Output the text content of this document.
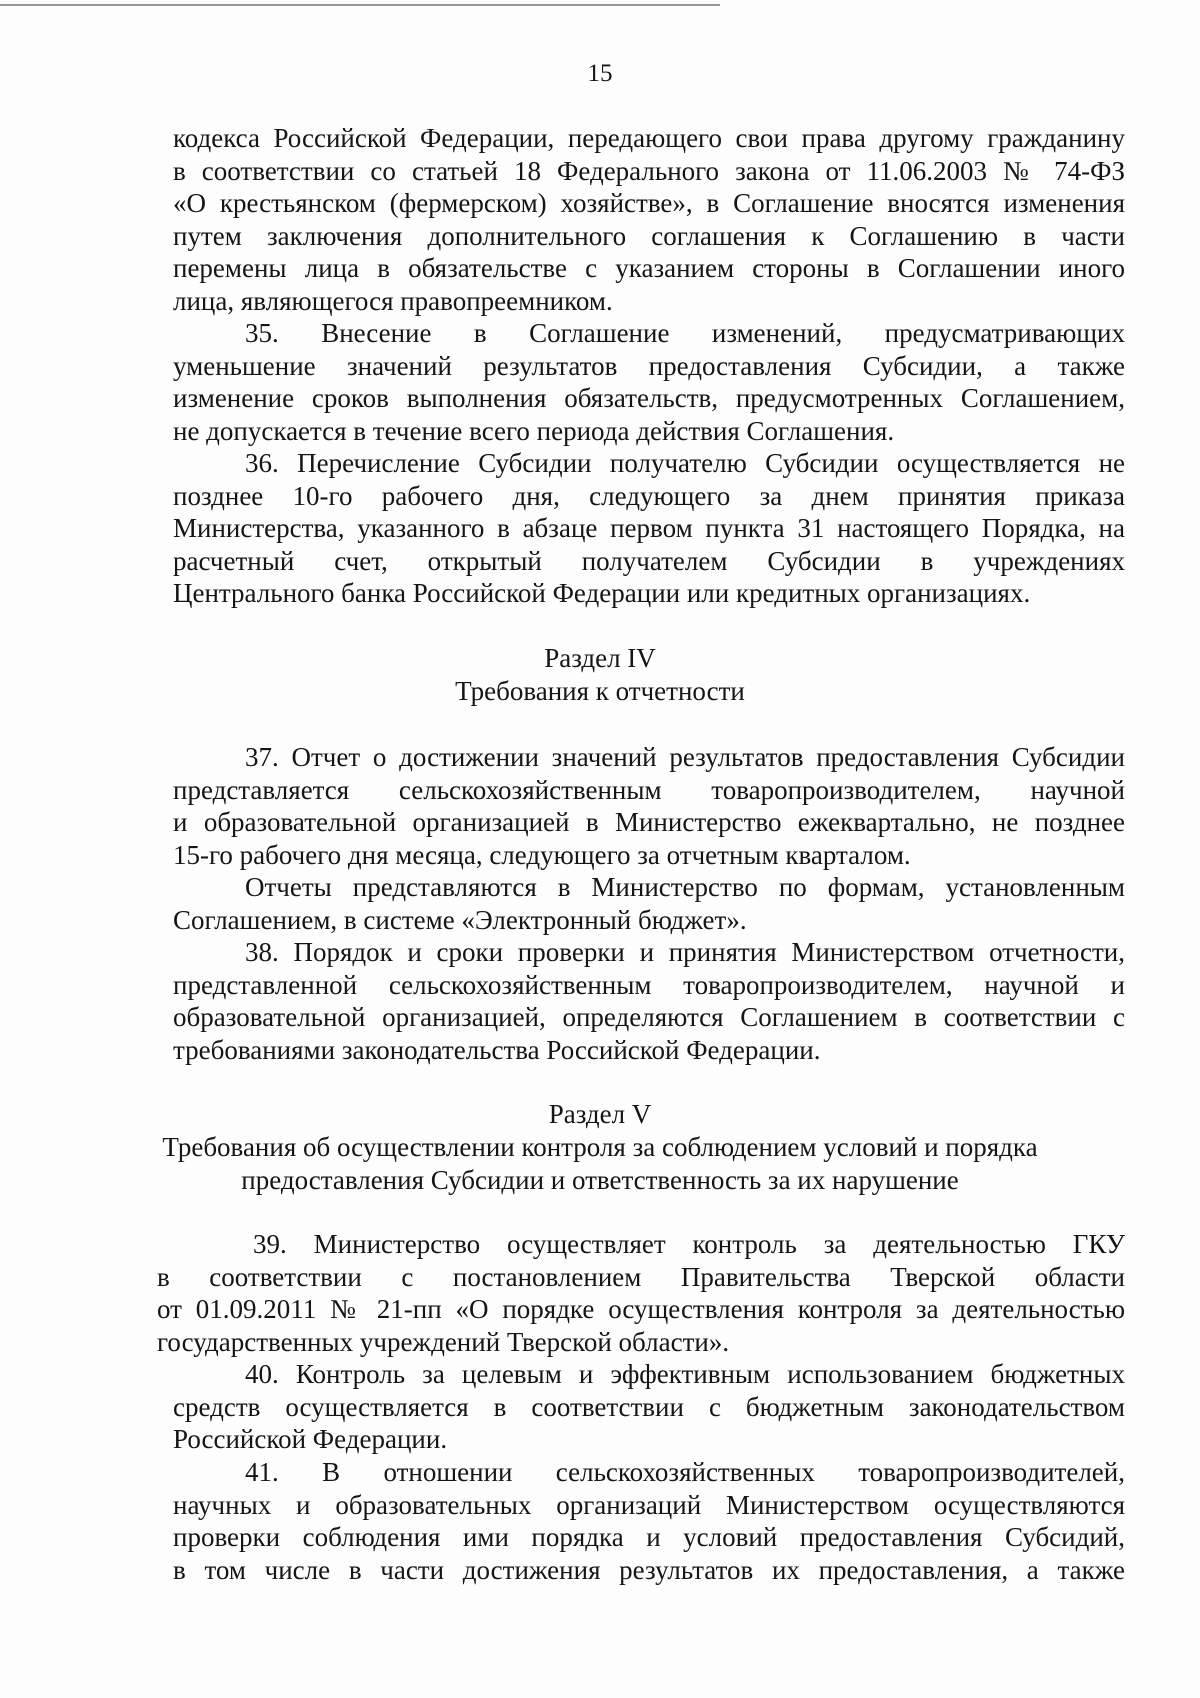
15
кодекса Российской Федерации, передающего свои права другому гражданину
в соответствии со статьей 18 Федерального закона от 11.06.2003 № 74-ФЗ
«О крестьянском (фермерском) хозяйстве», в Соглашение вносятся изменения
путем заключения дополнительного соглашения к Соглашению в части
перемены лица в обязательстве с указанием стороны в Соглашении иного
лица, являющегося правопреемником.
35. Внесение в Соглашение изменений, предусматривающих
уменьшение значений результатов предоставления Субсидии, а также
изменение сроков выполнения обязательств, предусмотренных Соглашением,
не допускается в течение всего периода действия Соглашения.
36. Перечисление Субсидии получателю Субсидии осуществляется не
позднее 10-го рабочего дня, следующего за днем принятия приказа
Министерства, указанного в абзаце первом пункта 31 настоящего Порядка, на
расчетный счет, открытый получателем Субсидии в учреждениях
Центрального банка Российской Федерации или кредитных организациях.
Раздел IV
Требования к отчетности
37. Отчет о достижении значений результатов предоставления Субсидии
представляется сельскохозяйственным товаропроизводителем, научной
и образовательной организацией в Министерство ежеквартально, не позднее
15-го рабочего дня месяца, следующего за отчетным кварталом.
Отчеты представляются в Министерство по формам, установленным
Соглашением, в системе «Электронный бюджет».
38. Порядок и сроки проверки и принятия Министерством отчетности,
представленной сельскохозяйственным товаропроизводителем, научной и
образовательной организацией, определяются Соглашением в соответствии с
требованиями законодательства Российской Федерации.
Раздел V
Требования об осуществлении контроля за соблюдением условий и порядка
предоставления Субсидии и ответственность за их нарушение
39. Министерство осуществляет контроль за деятельностью ГКУ
в соответствии с постановлением Правительства Тверской области
от 01.09.2011 № 21-пп «О порядке осуществления контроля за деятельностью
государственных учреждений Тверской области».
40. Контроль за целевым и эффективным использованием бюджетных
средств осуществляется в соответствии с бюджетным законодательством
Российской Федерации.
41. В отношении сельскохозяйственных товаропроизводителей,
научных и образовательных организаций Министерством осуществляются
проверки соблюдения ими порядка и условий предоставления Субсидий,
в том числе в части достижения результатов их предоставления, а также
